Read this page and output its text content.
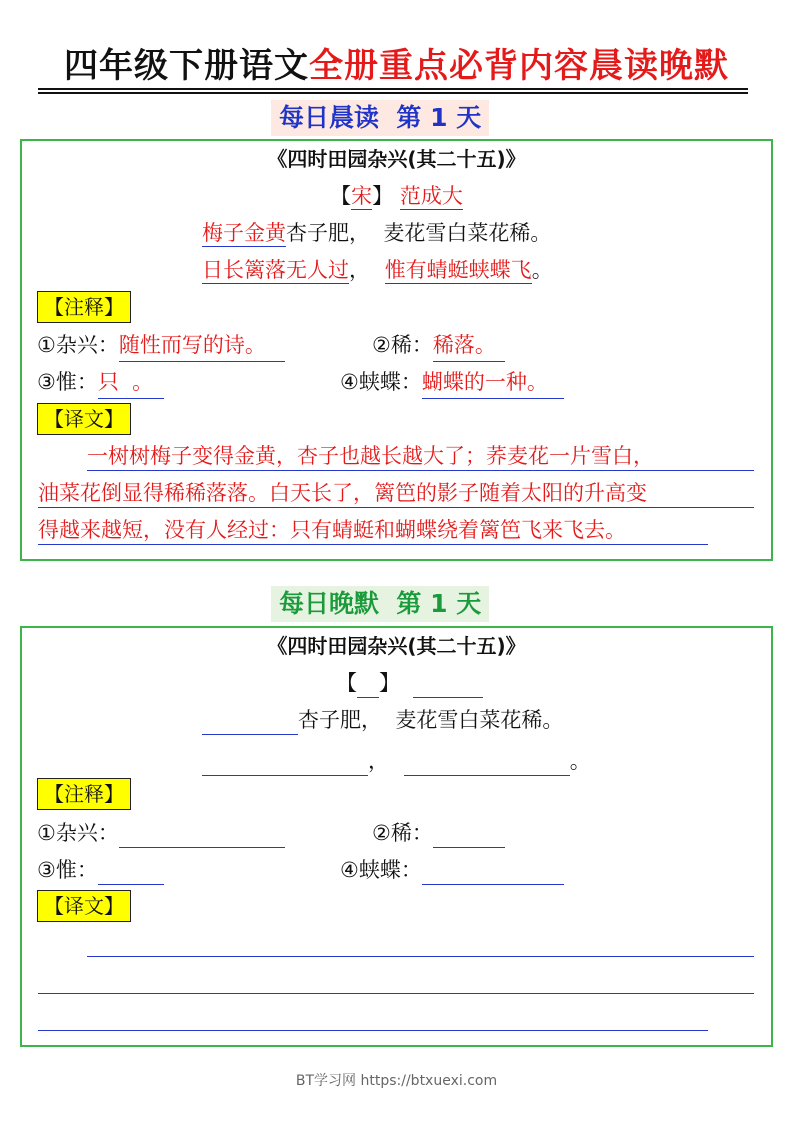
四年级下册语文全册重点必背内容晨读晚默
每日晨读  第 1 天
《四时田园杂兴(其二十五)》
【宋】 范成大
梅子金黄杏子肥，  麦花雪白菜花稀。
日长篱落无人过， 惟有蜻蜓蛱蝶飞。
【注释】
①杂兴：随性而写的诗。	②稀：稀落。
③惟：只  。	④蛱蝶：蝴蝶的一种。
【译文】
一树树梅子变得金黄，杏子也越长越大了；荞麦花一片雪白，
油菜花倒显得稀稀落落。白天长了，篱笆的影子随着太阳的升高变
得越来越短，没有人经过：只有蜻蜓和蝴蝶绕着篱笆飞来飞去。
每日晚默  第 1 天
《四时田园杂兴(其二十五)》
【 】
杏子肥，  麦花雪白菜花稀。
，	。
【注释】
①杂兴：	②稀：
③惟：	④蛱蝶：
【译文】
BT学习网 https://btxuexi.com
